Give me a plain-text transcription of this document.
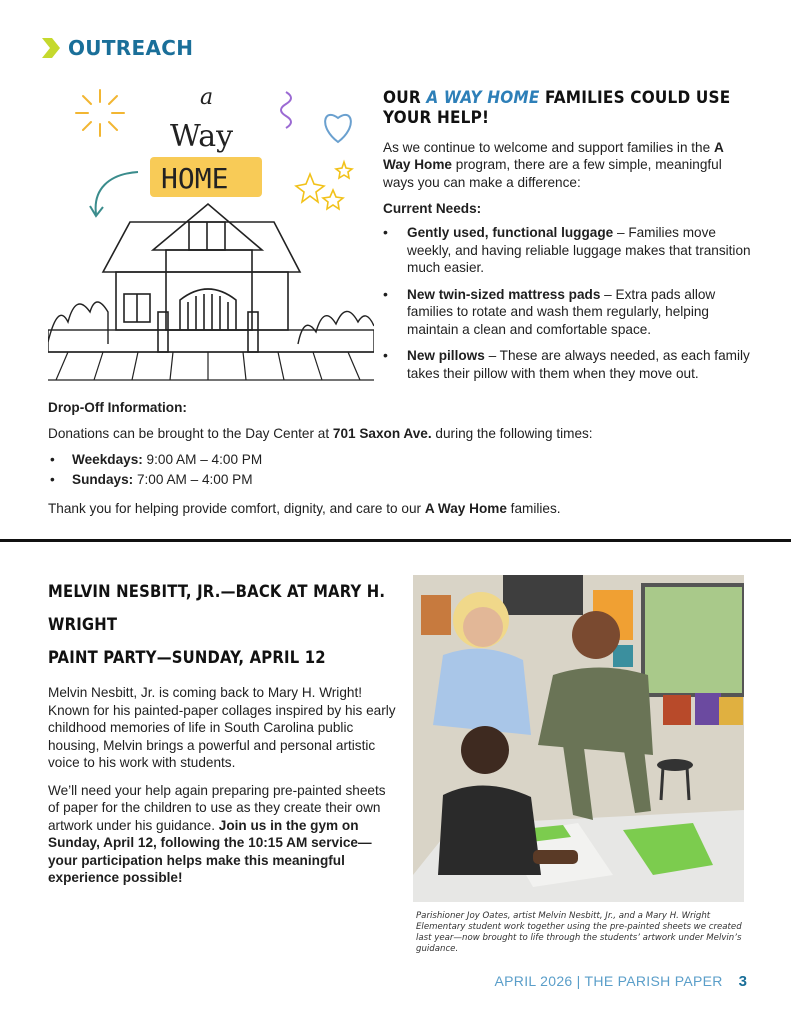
OUTREACH
a
Way
HOME
OUR A WAY HOME FAMILIES COULD USE YOUR HELP!

As we continue to welcome and support families in the A Way Home program, there are a few simple, meaningful ways you can make a difference:

Current Needs:
• Gently used, functional luggage – Families move weekly, and having reliable luggage makes that transition much easier.
• New twin-sized mattress pads – Extra pads allow families to rotate and wash them regularly, helping maintain a clean and comfortable space.
• New pillows – These are always needed, as each family takes their pillow with them when they move out.
Drop-Off Information:

Donations can be brought to the Day Center at 701 Saxon Ave. during the following times:

• Weekdays: 9:00 AM – 4:00 PM
• Sundays: 7:00 AM – 4:00 PM

Thank you for helping provide comfort, dignity, and care to our A Way Home families.

MELVIN NESBITT, JR.—BACK AT MARY H. WRIGHT
PAINT PARTY—SUNDAY, APRIL 12

Melvin Nesbitt, Jr. is coming back to Mary H. Wright! Known for his painted-paper collages inspired by his early childhood memories of life in South Carolina public housing, Melvin brings a powerful and personal artistic voice to his work with students.

We’ll need your help again preparing pre-painted sheets of paper for the children to use as they create their own artwork under his guidance. Join us in the gym on Sunday, April 12, following the 10:15 AM service—your participation helps make this meaningful experience possible!

Parishioner Joy Oates, artist Melvin Nesbitt, Jr., and a Mary H. Wright Elementary student work together using the pre-painted sheets we created last year—now brought to life through the students’ artwork under Melvin’s guidance.

APRIL 2026 | THE PARISH PAPER 3
